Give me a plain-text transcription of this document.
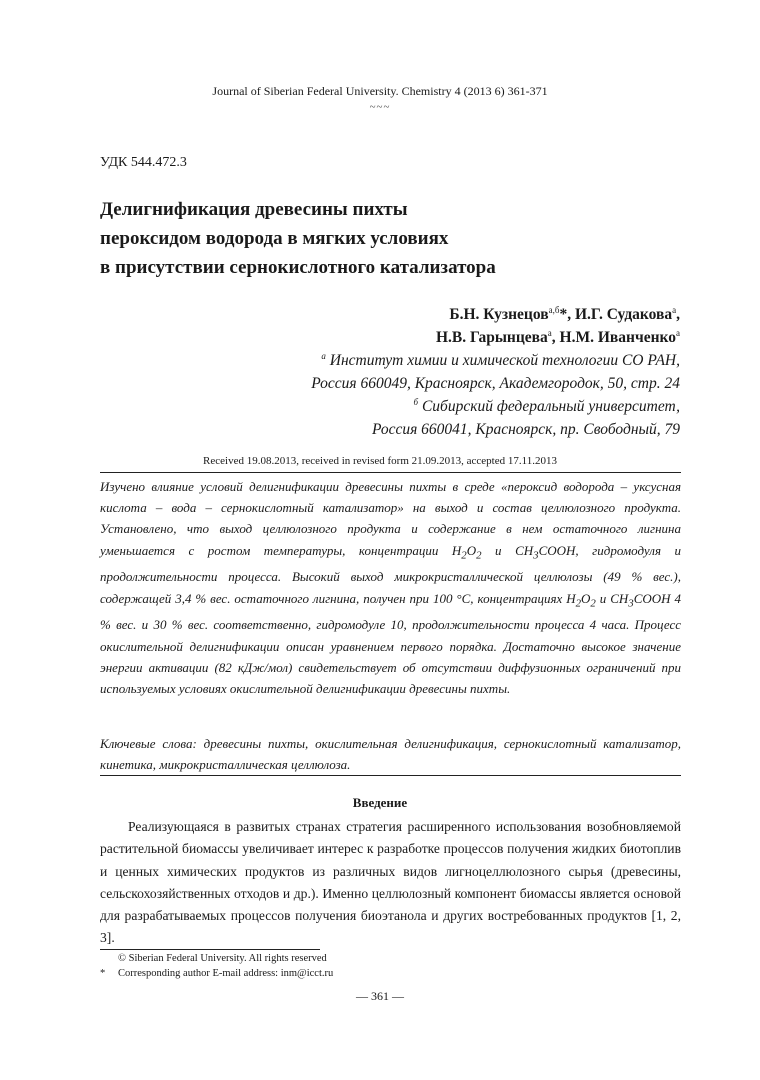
Journal of Siberian Federal University. Chemistry 4 (2013 6) 361-371
~~~
УДК 544.472.3
Делигнификация древесины пихты
пероксидом водорода в мягких условиях
в присутствии сернокислотного катализатора
Б.Н. Кузнецов$^{а,б}$*, И.Г. Судакова$^а$,
Н.В. Гарынцева$^а$, Н.М. Иванченко$^а$
$^а$ Институт химии и химической технологии СО РАН,
Россия 660049, Красноярск, Академгородок, 50, стр. 24
$^б$ Сибирский федеральный университет,
Россия 660041, Красноярск, пр. Свободный, 79
Received 19.08.2013, received in revised form 21.09.2013, accepted 17.11.2013

Изучено влияние условий делигнификации древесины пихты в среде «пероксид водорода – уксусная кислота – вода – сернокислотный катализатор» на выход и состав целлюлозного продукта. Установлено, что выход целлюлозного продукта и содержание в нем остаточного лигнина уменьшается с ростом температуры, концентрации $H_2O_2$ и $CH_3COOH$, гидромодуля и продолжительности процесса. Высокий выход микрокристаллической целлюлозы (49 % вес.), содержащей 3,4 % вес. остаточного лигнина, получен при 100 °С, концентрациях $H_2O_2$ и $CH_3COOH$ 4 % вес. и 30 % вес. соответственно, гидромодуле 10, продолжительности процесса 4 часа. Процесс окислительной делигнификации описан уравнением первого порядка. Достаточно высокое значение энергии активации (82 кДж/мол) свидетельствует об отсутствии диффузионных ограничений при используемых условиях окислительной делигнификации древесины пихты.

Ключевые слова: древесины пихты, окислительная делигнификация, сернокислотный катализатор, кинетика, микрокристаллическая целлюлоза.
Введение

Реализующаяся в развитых странах стратегия расширенного использования возобновляемой растительной биомассы увеличивает интерес к разработке процессов получения жидких биотоплив и ценных химических продуктов из различных видов лигноцеллюлозного сырья (древесины, сельскохозяйственных отходов и др.). Именно целлюлозный компонент биомассы является основой для разрабатываемых процессов получения биоэтанола и других востребованных продуктов [1, 2, 3].

© Siberian Federal University. All rights reserved
* Corresponding author E-mail address: inm@icct.ru
— 361 —
